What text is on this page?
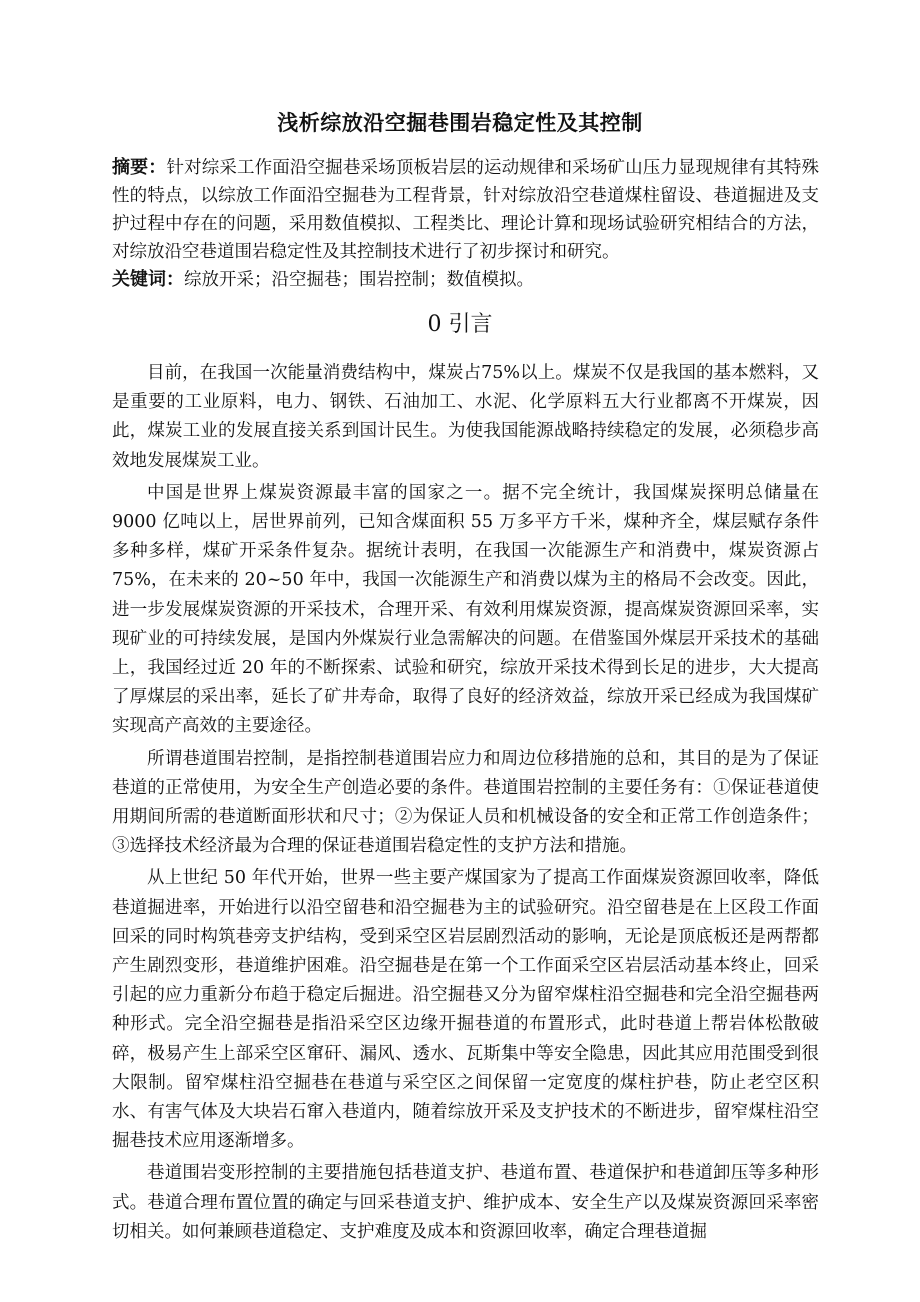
浅析综放沿空掘巷围岩稳定性及其控制
摘要：针对综采工作面沿空掘巷采场顶板岩层的运动规律和采场矿山压力显现规律有其特殊性的特点，以综放工作面沿空掘巷为工程背景，针对综放沿空巷道煤柱留设、巷道掘进及支护过程中存在的问题，采用数值模拟、工程类比、理论计算和现场试验研究相结合的方法，对综放沿空巷道围岩稳定性及其控制技术进行了初步探讨和研究。
关键词：综放开采；沿空掘巷；围岩控制；数值模拟。
0 引言

目前，在我国一次能量消费结构中，煤炭占75%以上。煤炭不仅是我国的基本燃料，又是重要的工业原料，电力、钢铁、石油加工、水泥、化学原料五大行业都离不开煤炭，因此，煤炭工业的发展直接关系到国计民生。为使我国能源战略持续稳定的发展，必须稳步高效地发展煤炭工业。

中国是世界上煤炭资源最丰富的国家之一。据不完全统计，我国煤炭探明总储量在9000 亿吨以上，居世界前列，已知含煤面积 55 万多平方千米，煤种齐全，煤层赋存条件多种多样，煤矿开采条件复杂。据统计表明，在我国一次能源生产和消费中，煤炭资源占 75%，在未来的 20~50 年中，我国一次能源生产和消费以煤为主的格局不会改变。因此，进一步发展煤炭资源的开采技术，合理开采、有效利用煤炭资源，提高煤炭资源回采率，实现矿业的可持续发展，是国内外煤炭行业急需解决的问题。在借鉴国外煤层开采技术的基础上，我国经过近 20 年的不断探索、试验和研究，综放开采技术得到长足的进步，大大提高了厚煤层的采出率，延长了矿井寿命，取得了良好的经济效益，综放开采已经成为我国煤矿实现高产高效的主要途径。

所谓巷道围岩控制，是指控制巷道围岩应力和周边位移措施的总和，其目的是为了保证巷道的正常使用，为安全生产创造必要的条件。巷道围岩控制的主要任务有：①保证巷道使用期间所需的巷道断面形状和尺寸；②为保证人员和机械设备的安全和正常工作创造条件；③选择技术经济最为合理的保证巷道围岩稳定性的支护方法和措施。

从上世纪 50 年代开始，世界一些主要产煤国家为了提高工作面煤炭资源回收率，降低巷道掘进率，开始进行以沿空留巷和沿空掘巷为主的试验研究。沿空留巷是在上区段工作面回采的同时构筑巷旁支护结构，受到采空区岩层剧烈活动的影响，无论是顶底板还是两帮都产生剧烈变形，巷道维护困难。沿空掘巷是在第一个工作面采空区岩层活动基本终止，回采引起的应力重新分布趋于稳定后掘进。沿空掘巷又分为留窄煤柱沿空掘巷和完全沿空掘巷两种形式。完全沿空掘巷是指沿采空区边缘开掘巷道的布置形式，此时巷道上帮岩体松散破碎，极易产生上部采空区窜矸、漏风、透水、瓦斯集中等安全隐患，因此其应用范围受到很大限制。留窄煤柱沿空掘巷在巷道与采空区之间保留一定宽度的煤柱护巷，防止老空区积水、有害气体及大块岩石窜入巷道内，随着综放开采及支护技术的不断进步，留窄煤柱沿空掘巷技术应用逐渐增多。

巷道围岩变形控制的主要措施包括巷道支护、巷道布置、巷道保护和巷道卸压等多种形式。巷道合理布置位置的确定与回采巷道支护、维护成本、安全生产以及煤炭资源回采率密切相关。如何兼顾巷道稳定、支护难度及成本和资源回收率，确定合理巷道掘
